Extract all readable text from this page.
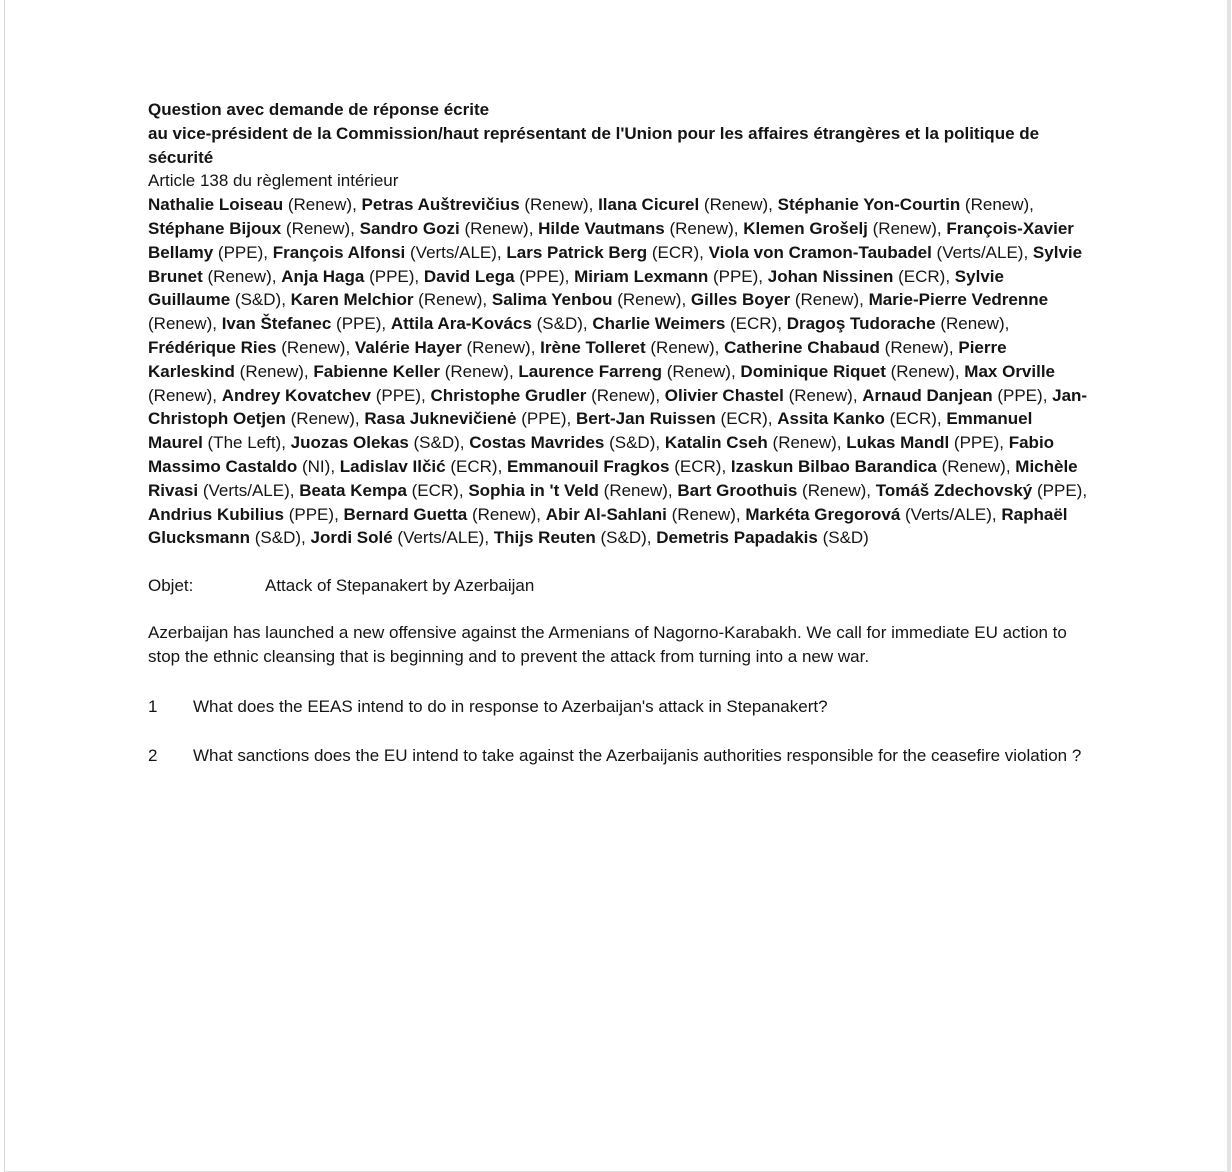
Question avec demande de réponse écrite
au vice-président de la Commission/haut représentant de l'Union pour les affaires étrangères et la politique de sécurité
Article 138 du règlement intérieur

Nathalie Loiseau (Renew), Petras Auštrevičius (Renew), Ilana Cicurel (Renew), Stéphanie Yon-Courtin (Renew), Stéphane Bijoux (Renew), Sandro Gozi (Renew), Hilde Vautmans (Renew), Klemen Grošelj (Renew), François-Xavier Bellamy (PPE), François Alfonsi (Verts/ALE), Lars Patrick Berg (ECR), Viola von Cramon-Taubadel (Verts/ALE), Sylvie Brunet (Renew), Anja Haga (PPE), David Lega (PPE), Miriam Lexmann (PPE), Johan Nissinen (ECR), Sylvie Guillaume (S&D), Karen Melchior (Renew), Salima Yenbou (Renew), Gilles Boyer (Renew), Marie-Pierre Vedrenne (Renew), Ivan Štefanec (PPE), Attila Ara-Kovács (S&D), Charlie Weimers (ECR), Dragoş Tudorache (Renew), Frédérique Ries (Renew), Valérie Hayer (Renew), Irène Tolleret (Renew), Catherine Chabaud (Renew), Pierre Karleskind (Renew), Fabienne Keller (Renew), Laurence Farreng (Renew), Dominique Riquet (Renew), Max Orville (Renew), Andrey Kovatchev (PPE), Christophe Grudler (Renew), Olivier Chastel (Renew), Arnaud Danjean (PPE), Jan-Christoph Oetjen (Renew), Rasa Juknevičienė (PPE), Bert-Jan Ruissen (ECR), Assita Kanko (ECR), Emmanuel Maurel (The Left), Juozas Olekas (S&D), Costas Mavrides (S&D), Katalin Cseh (Renew), Lukas Mandl (PPE), Fabio Massimo Castaldo (NI), Ladislav Ilčić (ECR), Emmanouil Fragkos (ECR), Izaskun Bilbao Barandica (Renew), Michèle Rivasi (Verts/ALE), Beata Kempa (ECR), Sophia in 't Veld (Renew), Bart Groothuis (Renew), Tomáš Zdechovský (PPE), Andrius Kubilius (PPE), Bernard Guetta (Renew), Abir Al-Sahlani (Renew), Markéta Gregorová (Verts/ALE), Raphaël Glucksmann (S&D), Jordi Solé (Verts/ALE), Thijs Reuten (S&D), Demetris Papadakis (S&D)

Objet:	Attack of Stepanakert by Azerbaijan

Azerbaijan has launched a new offensive against the Armenians of Nagorno-Karabakh. We call for immediate EU action to stop the ethnic cleansing that is beginning and to prevent the attack from turning into a new war.

1	What does the EEAS intend to do in response to Azerbaijan's attack in Stepanakert?
2	What sanctions does the EU intend to take against the Azerbaijanis authorities responsible for the ceasefire violation ?
